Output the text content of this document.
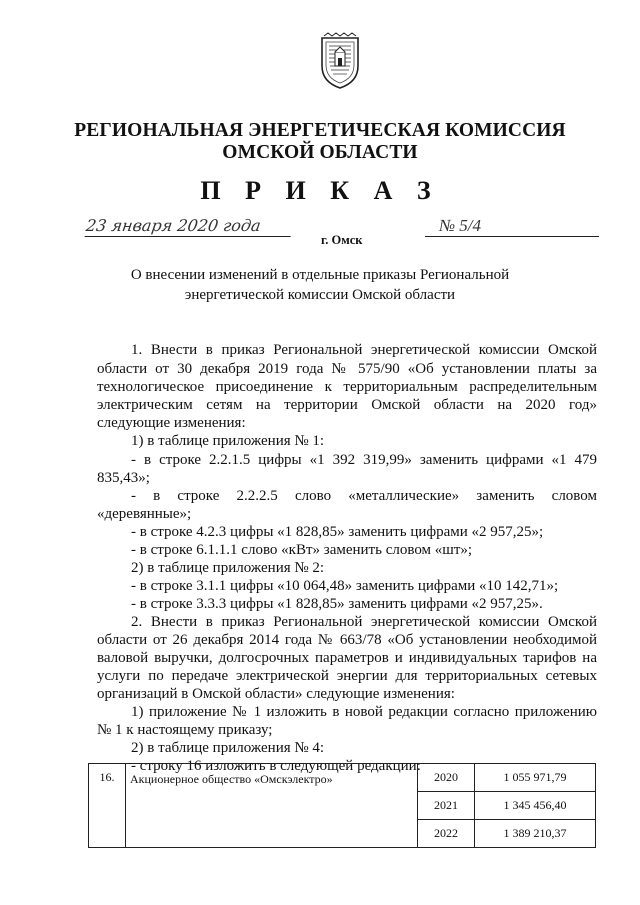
РЕГИОНАЛЬНАЯ ЭНЕРГЕТИЧЕСКАЯ КОМИССИЯ
ОМСКОЙ ОБЛАСТИ
П Р И К А З
23 января 2020 года	№ 5/4
г. Омск
О внесении изменений в отдельные приказы Региональной
энергетической комиссии Омской области
1. Внести в приказ Региональной энергетической комиссии Омской
области от 30 декабря 2019 года № 575/90 «Об установлении платы за
технологическое присоединение к территориальным распределительным
электрическим сетям на территории Омской области на 2020 год»
следующие изменения:
1) в таблице приложения № 1:
- в строке 2.2.1.5 цифры «1 392 319,99» заменить цифрами «1 479
835,43»;
- в строке 2.2.2.5 слово «металлические» заменить словом
«деревянные»;
- в строке 4.2.3 цифры «1 828,85» заменить цифрами «2 957,25»;
- в строке 6.1.1.1 слово «кВт» заменить словом «шт»;
2) в таблице приложения № 2:
- в строке 3.1.1 цифры «10 064,48» заменить цифрами «10 142,71»;
- в строке 3.3.3 цифры «1 828,85» заменить цифрами «2 957,25».
2. Внести в приказ Региональной энергетической комиссии Омской
области от 26 декабря 2014 года № 663/78 «Об установлении необходимой
валовой выручки, долгосрочных параметров и индивидуальных тарифов на
услуги по передаче электрической энергии для территориальных сетевых
организаций в Омской области» следующие изменения:
1) приложение № 1 изложить в новой редакции согласно приложению
№ 1 к настоящему приказу;
2) в таблице приложения № 4:
- строку 16 изложить в следующей редакции:
16.	Акционерное общество «Омскэлектро»	2020	1 055 971,79
		2021	1 345 456,40
		2022	1 389 210,37
